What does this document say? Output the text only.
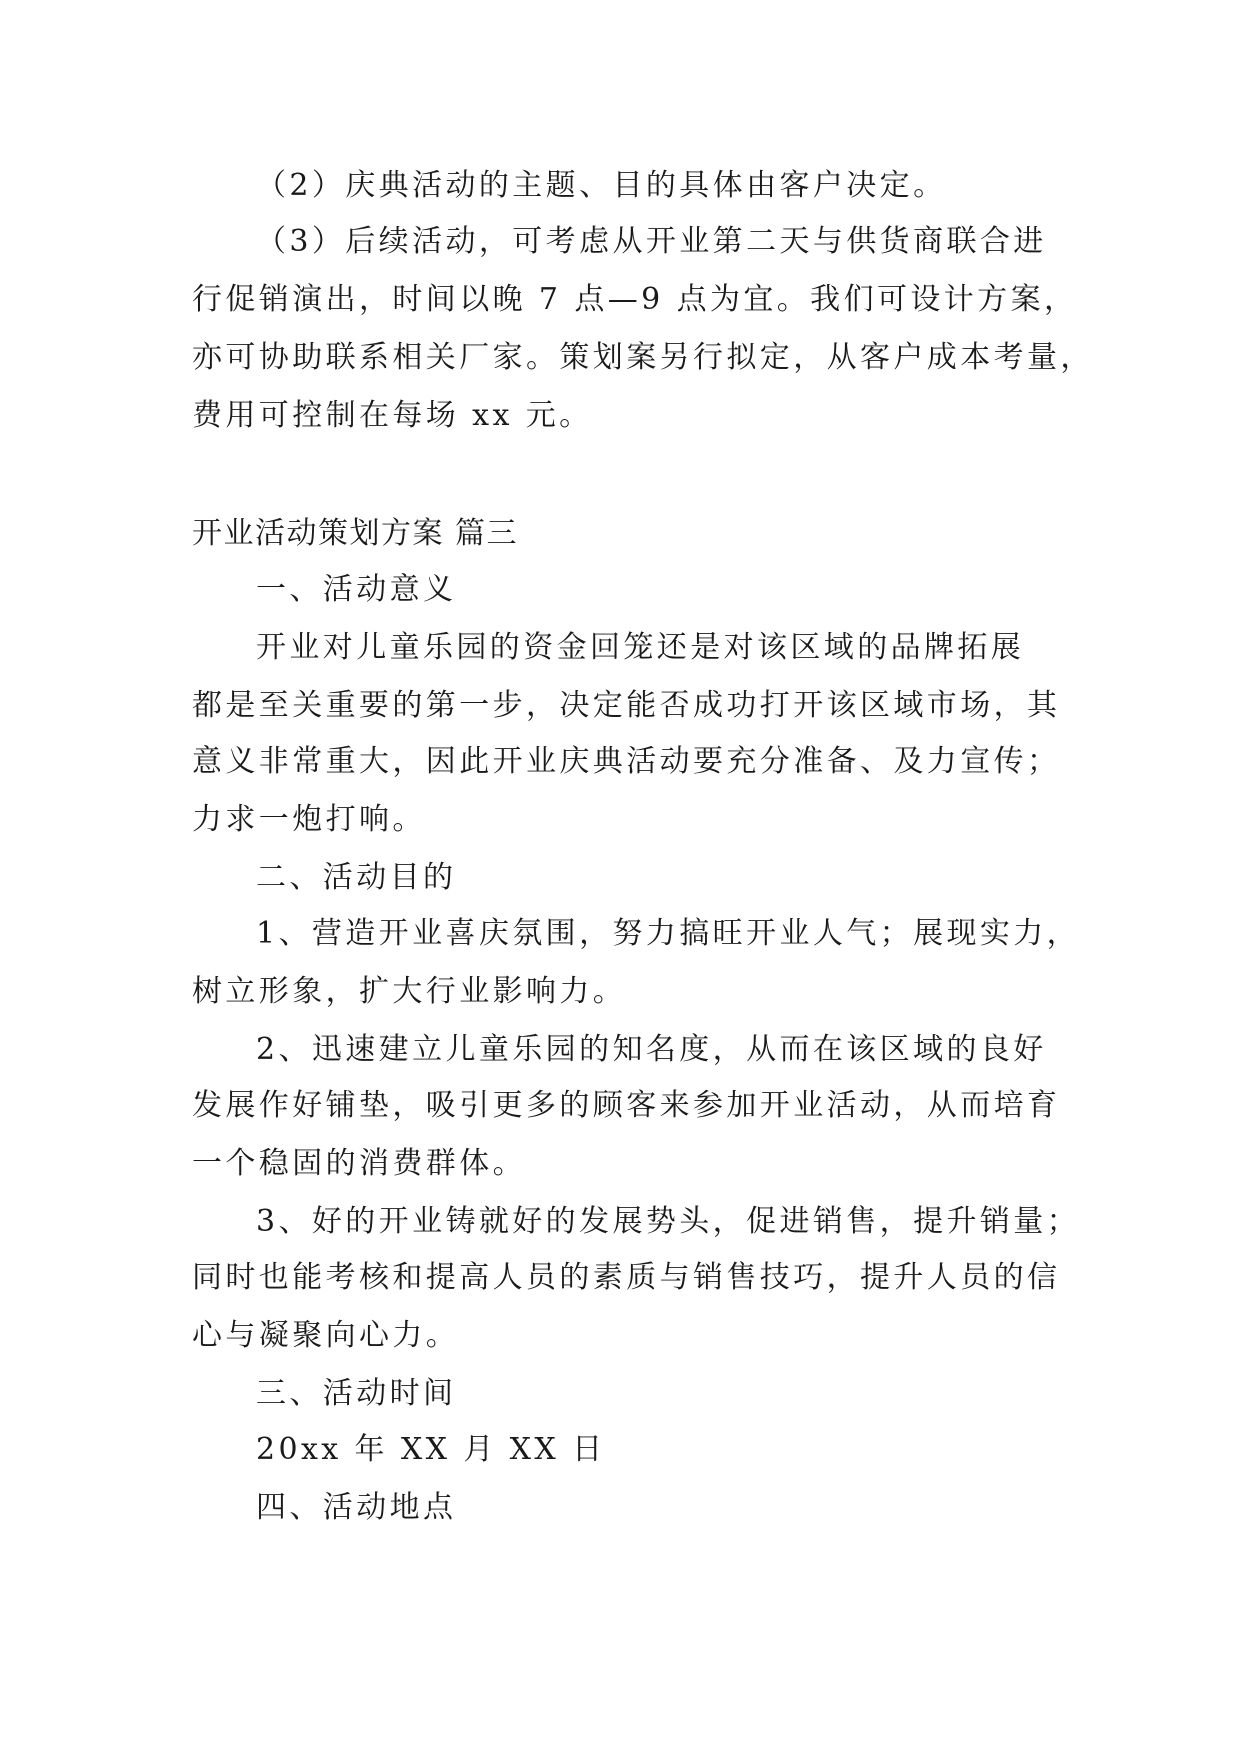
（2）庆典活动的主题、目的具体由客户决定。
（3）后续活动，可考虑从开业第二天与供货商联合进
行促销演出，时间以晚 7 点—9 点为宜。我们可设计方案，
亦可协助联系相关厂家。策划案另行拟定，从客户成本考量，
费用可控制在每场 xx 元。
开业活动策划方案 篇三
一、活动意义
开业对儿童乐园的资金回笼还是对该区域的品牌拓展
都是至关重要的第一步，决定能否成功打开该区域市场，其
意义非常重大，因此开业庆典活动要充分准备、及力宣传；
力求一炮打响。
二、活动目的
1、营造开业喜庆氛围，努力搞旺开业人气；展现实力，
树立形象，扩大行业影响力。
2、迅速建立儿童乐园的知名度，从而在该区域的良好
发展作好铺垫，吸引更多的顾客来参加开业活动，从而培育
一个稳固的消费群体。
3、好的开业铸就好的发展势头，促进销售，提升销量；
同时也能考核和提高人员的素质与销售技巧，提升人员的信
心与凝聚向心力。
三、活动时间
20xx 年 XX 月 XX 日
四、活动地点
